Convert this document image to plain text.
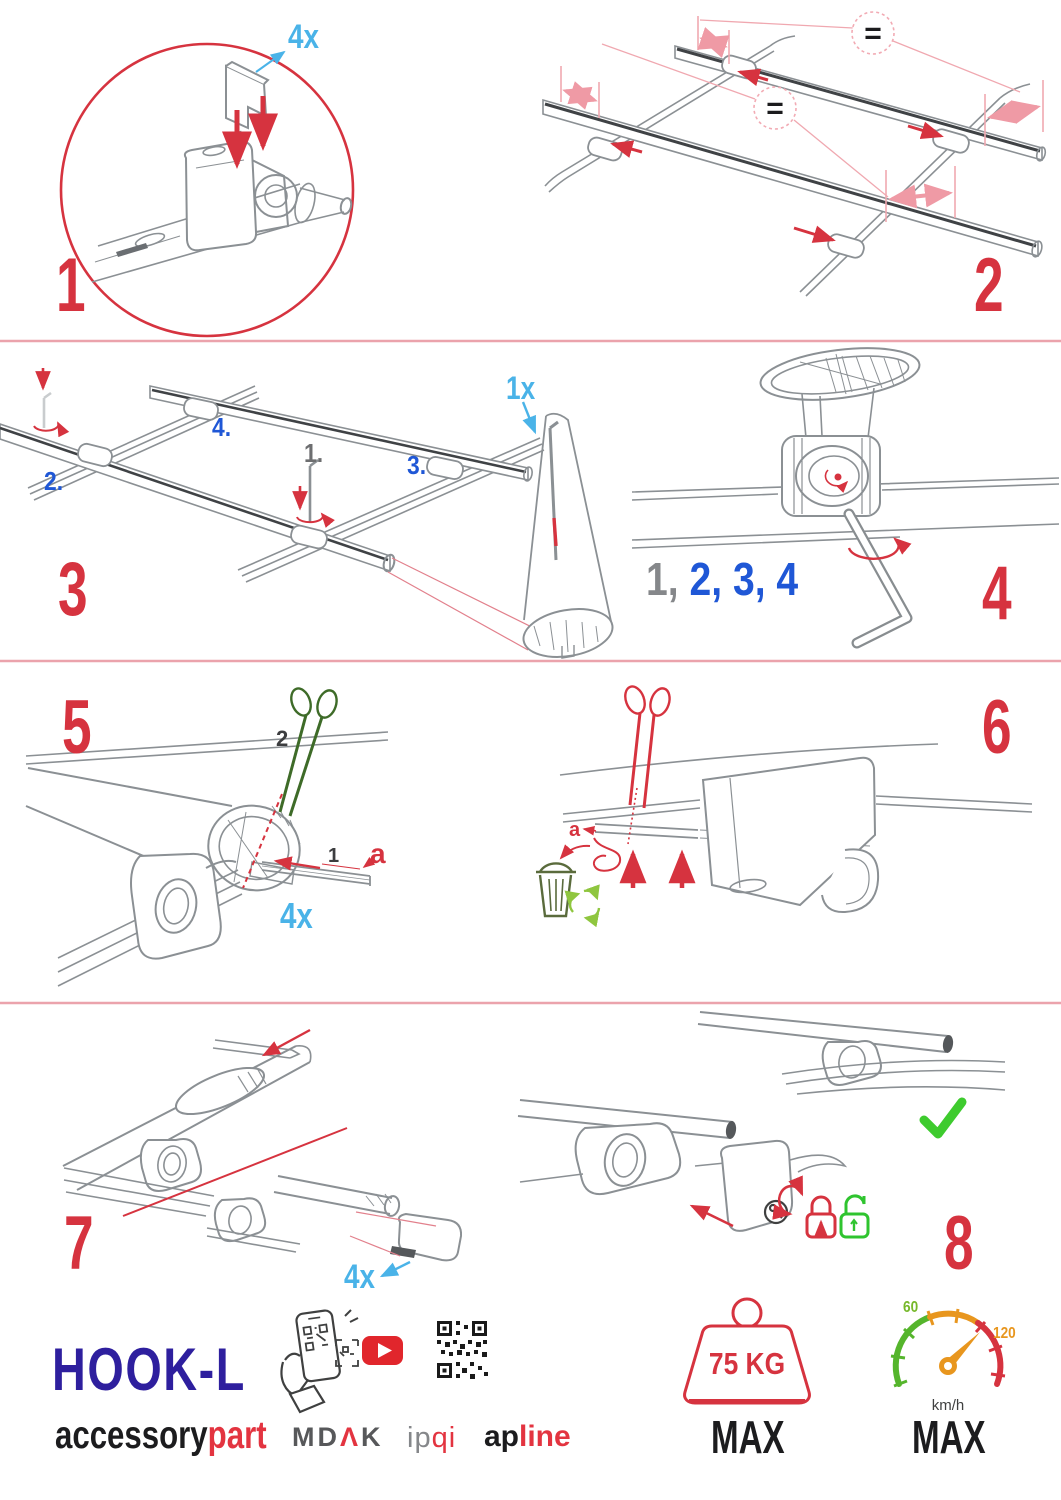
1
4x	=
=
2
2.
4.
1.	3.
1x
3	1, 2, 3, 4 4
5	2
1 a
4x
a
6
7	4x	8
HOOK-L
accessorypart MDΛK ipqi apline
75 KG
MAX
60
120
km/h
MAX
